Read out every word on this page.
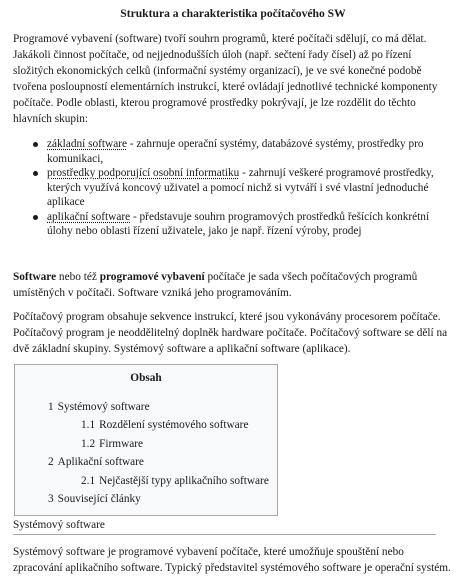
Struktura a charakteristika počítačového SW

Programové vybavení (software) tvoří souhrn programů, které počítači sdělují, co má dělat. Jakákoli činnost počítače, od nejjednodušších úloh (např. sečtení řady čísel) až po řízení složitých ekonomických celků (informační systémy organizací), je ve své konečné podobě tvořena posloupností elementárních instrukcí, které ovládají jednotlivé technické komponenty počítače. Podle oblasti, kterou programové prostředky pokrývají, je lze rozdělit do těchto hlavních skupin:

základní software - zahrnuje operační systémy, databázové systémy, prostředky pro komunikaci,
prostředky podporující osobní informatiku - zahrnují veškeré programové prostředky, kterých využívá koncový uživatel a pomocí nichž si vytváří i své vlastní jednoduché aplikace
aplikační software - představuje souhrn programových prostředků řešících konkrétní úlohy nebo oblasti řízení uživatele, jako je např. řízení výroby, prodej

Software nebo též programové vybavení počítače je sada všech počítačových programů umístěných v počítači. Software vzniká jeho programováním.

Počítačový program obsahuje sekvence instrukcí, které jsou vykonávány procesorem počítače. Počítačový program je neoddělitelný doplněk hardware počítače. Počítačový software se dělí na dvě základní skupiny. Systémový software a aplikační software (aplikace).

Obsah
1 Systémový software
1.1 Rozdělení systémového software
1.2 Firmware
2 Aplikační software
2.1 Nejčastější typy aplikačního software
3 Související články
Systémový software

Systémový software je programové vybavení počítače, které umožňuje spouštění nebo zpracování aplikačního software. Typický představitel systémového software je operační systém.
